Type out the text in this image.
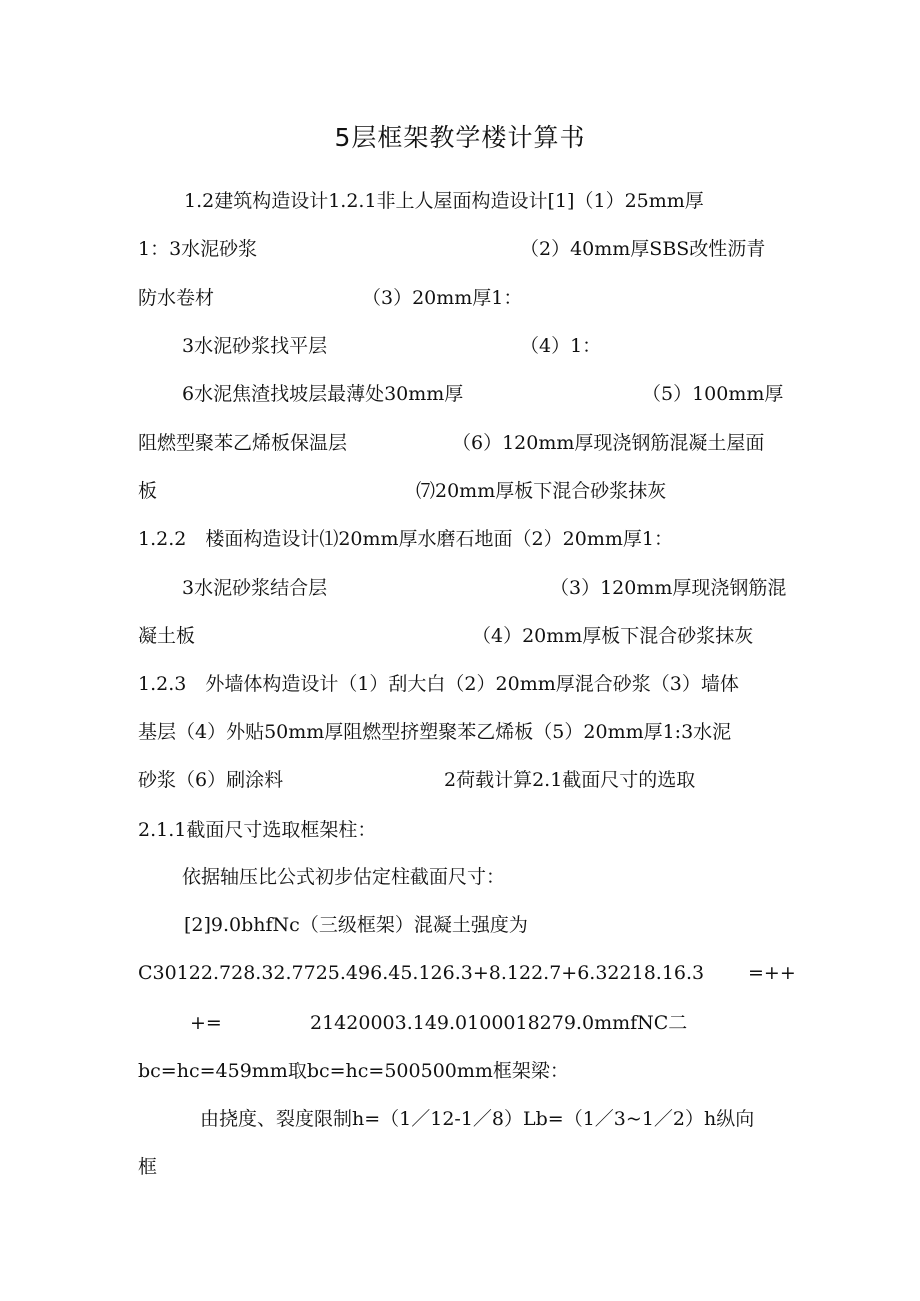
5层框架教学楼计算书

1.2建筑构造设计1.2.1非上人屋面构造设计[1]（1）25mm厚

1：3水泥砂浆

	（2）40mm厚SBS改性沥青

防水卷材

	（3）20mm厚1：

3水泥砂浆找平层

	（4）1：

6水泥焦渣找坡层最薄处30mm厚

	（5）100mm厚

阻燃型聚苯乙烯板保温层

	（6）120mm厚现浇钢筋混凝土屋面

板

	⑺20mm厚板下混合砂浆抹灰

1.2.2　楼面构造设计⑴20mm厚水磨石地面（2）20mm厚1：

3水泥砂浆结合层

	（3）120mm厚现浇钢筋混

凝土板

	（4）20mm厚板下混合砂浆抹灰

1.2.3　外墙体构造设计（1）刮大白（2）20mm厚混合砂浆（3）墙体

基层（4）外贴50mm厚阻燃型挤塑聚苯乙烯板（5）20mm厚1:3水泥

砂浆（6）刷涂料

	2荷载计算2.1截面尺寸的选取

2.1.1截面尺寸选取框架柱：

依据轴压比公式初步估定柱截面尺寸：

[2]9.0bhfNc（三级框架）混凝土强度为

C30122.728.32.7725.496.45.126.3+8.122.7+6.32218.16.3

=++

+=

	21420003.149.0100018279.0mmfNC二

bc=hc=459mm取bc=hc=500500mm框架梁：

由挠度、裂度限制h=（1／12-1／8）Lb=（1／3~1／2）h纵向

框
